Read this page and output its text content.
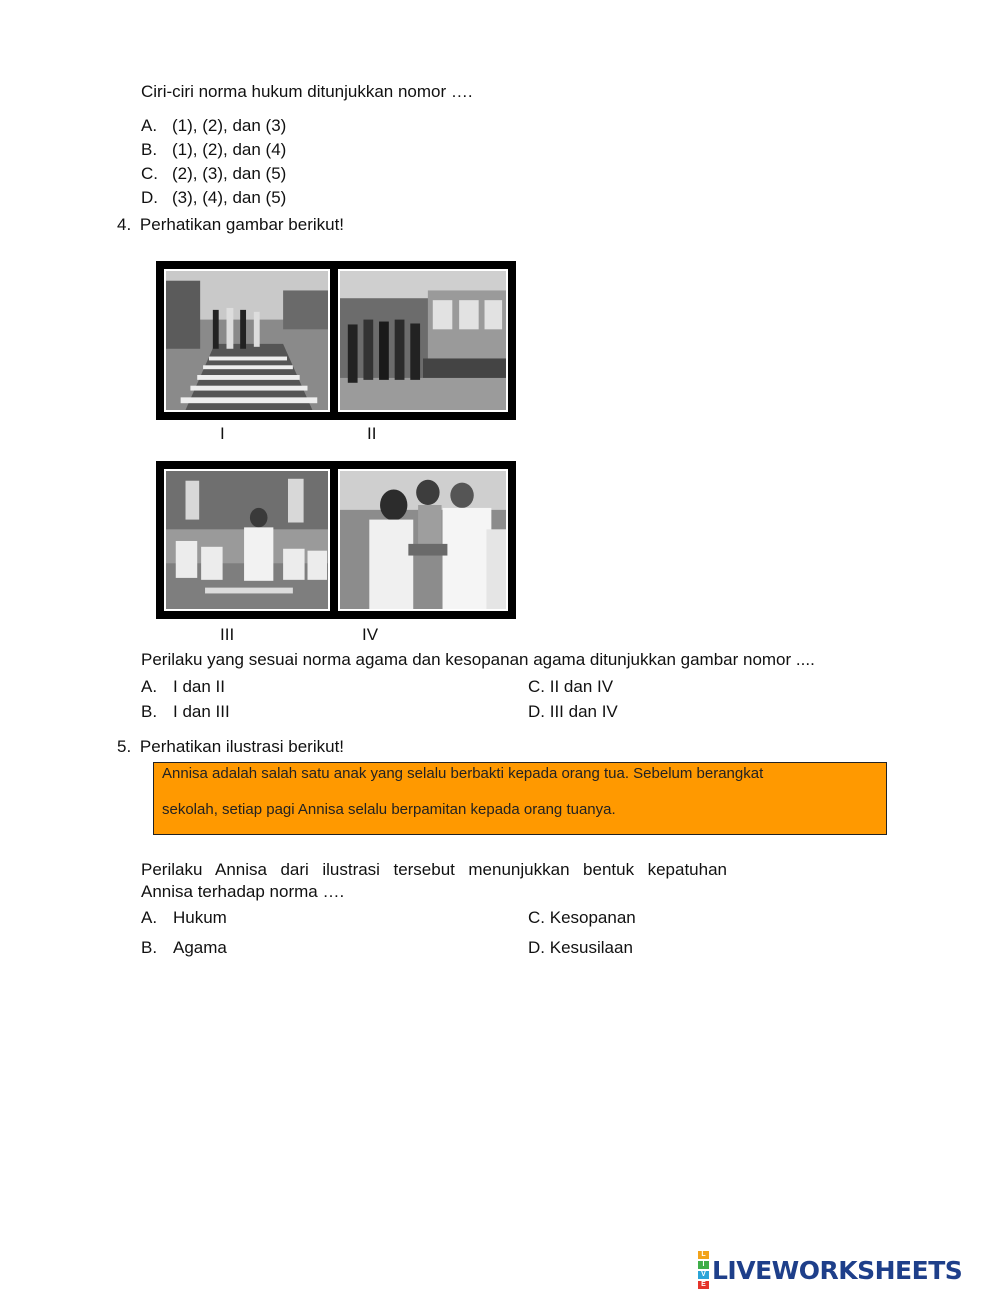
Ciri-ciri norma hukum ditunjukkan nomor ….
A. (1), (2), dan (3)
B. (1), (2), dan (4)
C. (2), (3), dan (5)
D. (3), (4), dan (5)
4. Perhatikan gambar berikut!
I	II
III	IV
Perilaku yang sesuai norma agama dan kesopanan agama ditunjukkan gambar nomor ....
A. I dan II	C. II dan IV
B. I dan III	D. III dan IV
5. Perhatikan ilustrasi berikut!
Annisa adalah salah satu anak yang selalu berbakti kepada orang tua. Sebelum berangkat
sekolah, setiap pagi Annisa selalu berpamitan kepada orang tuanya.
Perilaku Annisa dari ilustrasi tersebut menunjukkan bentuk kepatuhan
Annisa terhadap norma ….
A. Hukum	C. Kesopanan
B. Agama	D. Kesusilaan
L
I
V
E LIVEWORKSHEETS
